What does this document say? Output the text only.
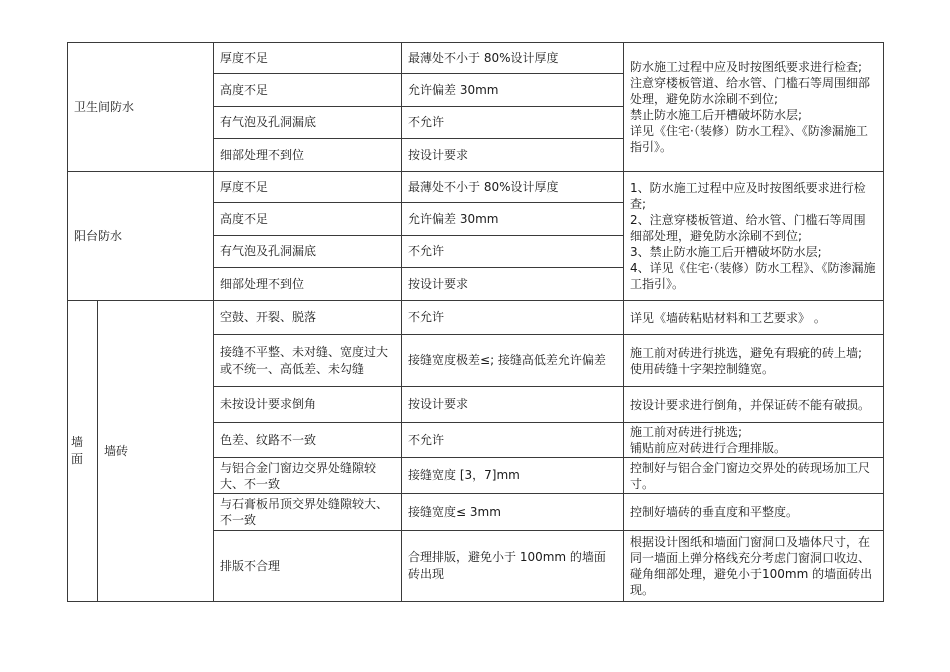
卫生间防水		厚度不足	最薄处不小于 80%设计厚度	防水施工过程中应及时按图纸要求进行检查;
注意穿楼板管道、给水管、门槛石等周围细部处理，避免防水涂刷不到位;
禁止防水施工后开槽破坏防水层;
详见《住宅·（装修）防水工程》、《防渗漏施工指引》。

		高度不足	允许偏差 30mm	
		有气泡及孔洞漏底	不允许	
		细部处理不到位	按设计要求	
阳台防水		厚度不足	最薄处不小于 80%设计厚度	1、防水施工过程中应及时按图纸要求进行检查;
2、注意穿楼板管道、给水管、门槛石等周围细部处理，避免防水涂刷不到位;
3、禁止防水施工后开槽破坏防水层;
4、详见《住宅·（装修）防水工程》、《防渗漏施工指引》。

		高度不足	允许偏差 30mm	
		有气泡及孔洞漏底	不允许	
		细部处理不到位	按设计要求	

墙
面	墙砖	空鼓、开裂、脱落	不允许	详见《墙砖粘贴材料和工艺要求》 。

		接缝不平整、未对缝、宽度过大或不统一、高低差、未勾缝	接缝宽度极差≤; 接缝高低差允许偏差	施工前对砖进行挑选，避免有瑕疵的砖上墙;
使用砖缝十字架控制缝宽。

		未按设计要求倒角	按设计要求	按设计要求进行倒角，并保证砖不能有破损。

		色差、纹路不一致	不允许	施工前对砖进行挑选;
铺贴前应对砖进行合理排版。

		与铝合金门窗边交界处缝隙较大、不一致	接缝宽度 [3，7]mm	控制好与铝合金门窗边交界处的砖现场加工尺寸。

		与石膏板吊顶交界处缝隙较大、不一致	接缝宽度≤ 3mm	控制好墙砖的垂直度和平整度。

		排版不合理	合理排版，避免小于 100mm 的墙面砖出现	根据设计图纸和墙面门窗洞口及墙体尺寸，在同一墙面上弹分格线充分考虑门窗洞口收边、碰角细部处理，避免小于100mm 的墙面砖出现。
